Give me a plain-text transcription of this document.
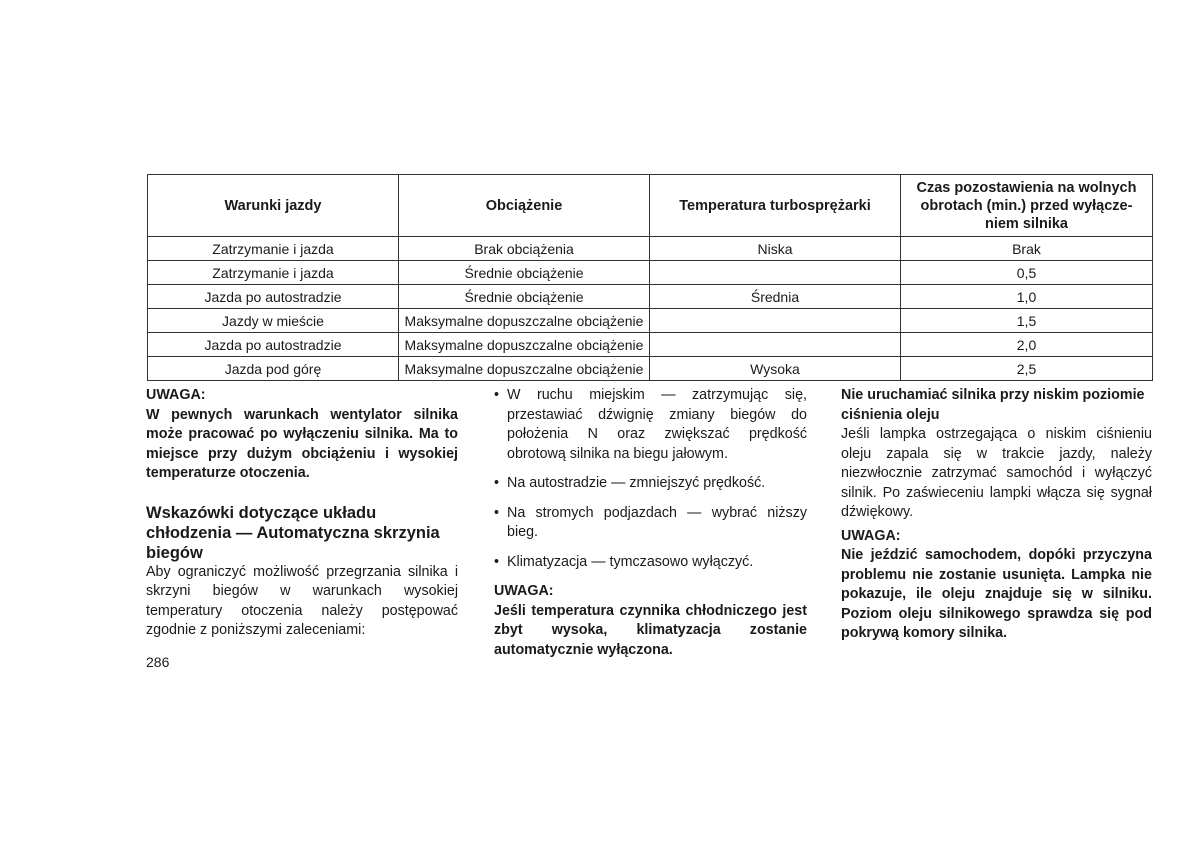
Warunki jazdy	Obciążenie	Temperatura turbosprężarki	Czas pozostawienia na wolnych obrotach (min.) przed wyłącze-niem silnika
Zatrzymanie i jazda	Brak obciążenia	Niska	Brak
Zatrzymanie i jazda	Średnie obciążenie		0,5
Jazda po autostradzie	Średnie obciążenie	Średnia	1,0
Jazdy w mieście	Maksymalne dopuszczalne obciążenie		1,5
Jazda po autostradzie	Maksymalne dopuszczalne obciążenie		2,0
Jazda pod górę	Maksymalne dopuszczalne obciążenie	Wysoka	2,5

UWAGA:

W pewnych warunkach wentylator silnika może pracować po wyłączeniu silnika. Ma to miejsce przy dużym obciążeniu i wysokiej temperaturze otoczenia.

Wskazówki dotyczące układu chłodzenia — Automatyczna skrzynia biegów

Aby ograniczyć możliwość przegrzania silnika i skrzyni biegów w warunkach wysokiej temperatury otoczenia należy postępować zgodnie z poniższymi zaleceniami:

• W ruchu miejskim — zatrzymując się, przestawiać dźwignię zmiany biegów do położenia N oraz zwiększać prędkość obrotową silnika na biegu jałowym.
• Na autostradzie — zmniejszyć prędkość.
• Na stromych podjazdach — wybrać niższy bieg.
• Klimatyzacja — tymczasowo wyłączyć.

UWAGA:

Jeśli temperatura czynnika chłodniczego jest zbyt wysoka, klimatyzacja zostanie automatycznie wyłączona.

Nie uruchamiać silnika przy niskim poziomie ciśnienia oleju

Jeśli lampka ostrzegająca o niskim ciśnieniu oleju zapala się w trakcie jazdy, należy niezwłocznie zatrzymać samochód i wyłączyć silnik. Po zaświeceniu lampki włącza się sygnał dźwiękowy.

UWAGA:

Nie jeździć samochodem, dopóki przyczyna problemu nie zostanie usunięta. Lampka nie pokazuje, ile oleju znajduje się w silniku. Poziom oleju silnikowego sprawdza się pod pokrywą komory silnika.

286
